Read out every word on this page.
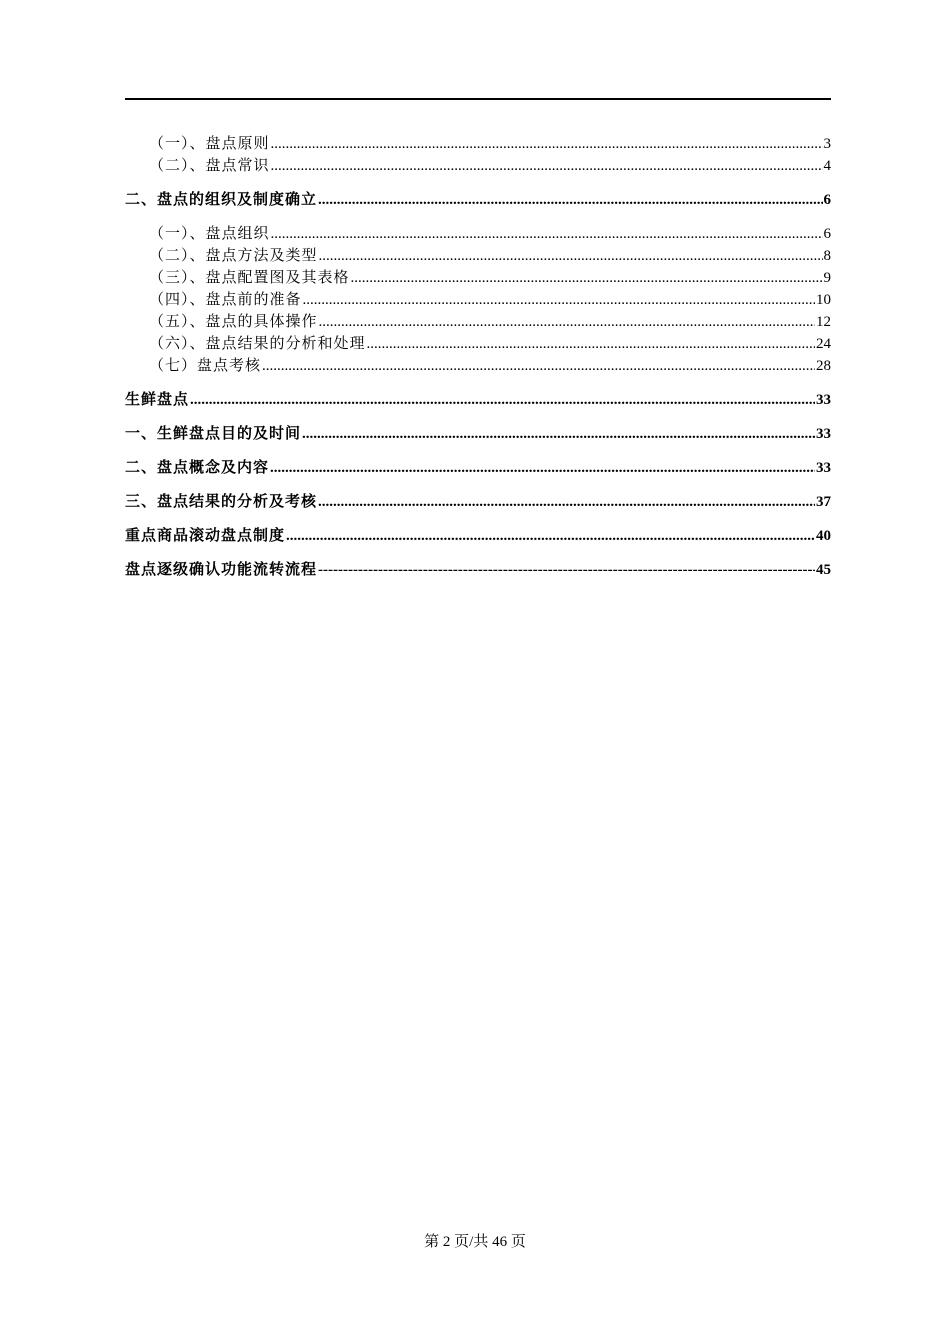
（一）、盘点原则 .....	3
（二）、盘点常识 .....	4
二、盘点的组织及制度确立 .....	6
（一）、盘点组织 .....	6
（二）、盘点方法及类型 .....	8
（三）、盘点配置图及其表格 .....	9
（四）、盘点前的准备 .....	10
（五）、盘点的具体操作 .....	12
（六）、盘点结果的分析和处理 .....	24
（七）盘点考核 .....	28
生鲜盘点 .....	33
一、生鲜盘点目的及时间 .....	33
二、盘点概念及内容 .....	33
三、盘点结果的分析及考核 .....	37
重点商品滚动盘点制度 .....	40
盘点逐级确认功能流转流程 -----	45
第 2 页/共 46 页
